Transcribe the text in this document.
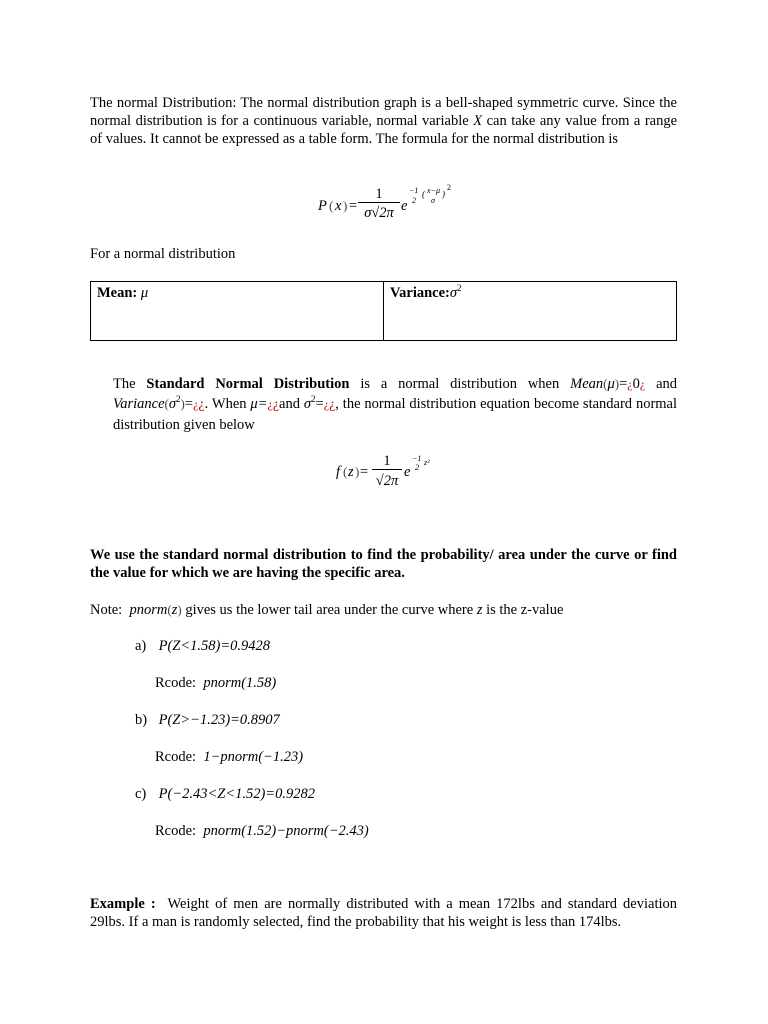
The normal Distribution: The normal distribution graph is a bell-shaped symmetric curve. Since the normal distribution is for a continuous variable, normal variable X can take any value from a range of values. It cannot be expressed as a table form. The formula for the normal distribution is
P ( x ) =
1
σ√2π e
−1
2
( x−μ
σ
)
2
For a normal distribution
Mean: μ	$Variance:\sigma^2$
The Standard Normal Distribution is a normal distribution when Mean(μ)=¿0¿ and $Variance(\sigma^2)=¿¿$. When μ=¿¿and $\sigma^2=¿¿$, the normal distribution equation become standard normal distribution given below
f ( z ) =
1
√2π
e
−1
2
z²
We use the standard normal distribution to find the probability/ area under the curve or find the value for which we are having the specific area.
Note: pnorm(z) gives us the lower tail area under the curve where z is the z-value
a) P(Z<1.58)=0.9428
Rcode: pnorm(1.58)
b) P(Z>−1.23)=0.8907
Rcode: 1−pnorm(−1.23)
c) P(−2.43<Z<1.52)=0.9282
Rcode: pnorm(1.52)−pnorm(−2.43)
Example : Weight of men are normally distributed with a mean 172lbs and standard deviation 29lbs. If a man is randomly selected, find the probability that his weight is less than 174lbs.
